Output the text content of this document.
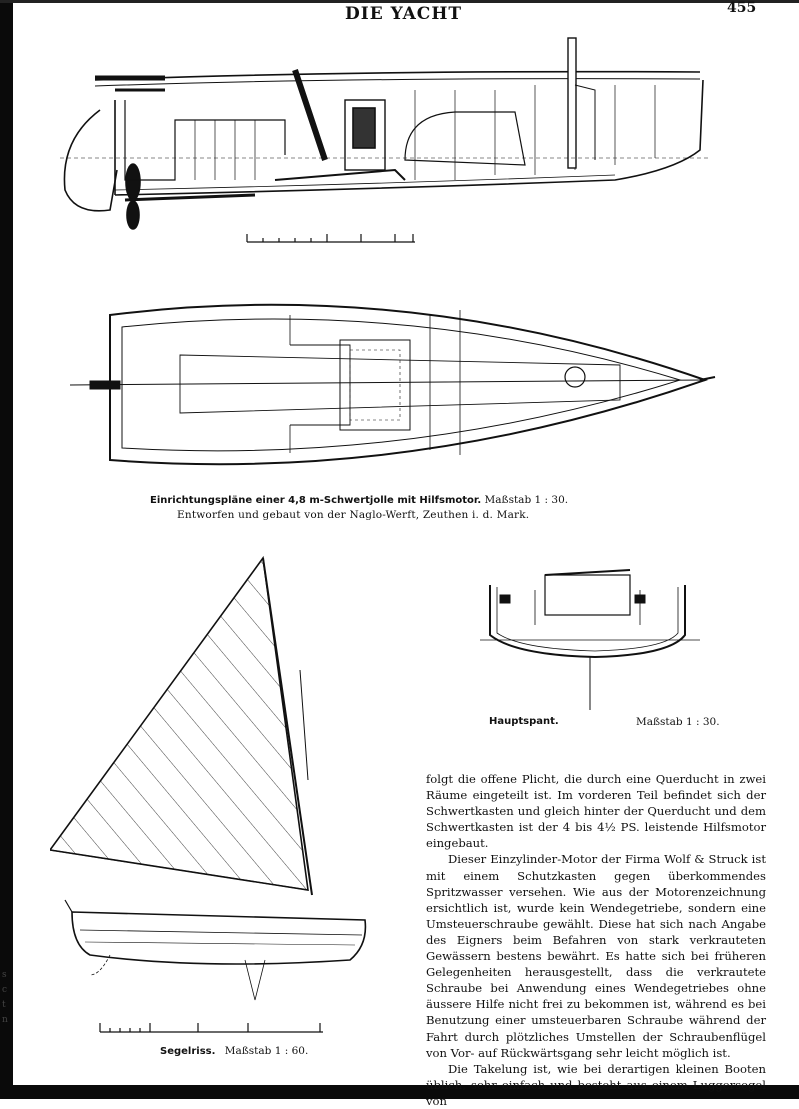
DIE YACHT	455
Einrichtungspläne einer 4,8 m-Schwertjolle mit Hilfsmotor. Maßstab 1 : 30.
Entworfen und gebaut von der Naglo-Werft, Zeuthen i. d. Mark.
Hauptspant.	Maßstab 1 : 30.
Segelriss. Maßstab 1 : 60.

folgt die offene Plicht, die durch eine Querducht in zwei Räume eingeteilt ist. Im vorderen Teil befindet sich der Schwertkasten und gleich hinter der Querducht und dem Schwertkasten ist der 4 bis 4½ PS. leistende Hilfsmotor eingebaut.

Dieser Einzylinder-Motor der Firma Wolf & Struck ist mit einem Schutzkasten gegen überkommendes Spritzwasser versehen. Wie aus der Motorenzeichnung ersichtlich ist, wurde kein Wendegetriebe, sondern eine Umsteuerschraube gewählt. Diese hat sich nach Angabe des Eigners beim Befahren von stark verkrauteten Gewässern bestens bewährt. Es hatte sich bei früheren Gelegenheiten herausgestellt, dass die verkrautete Schraube bei Anwendung eines Wendegetriebes ohne äussere Hilfe nicht frei zu bekommen ist, während es bei Benutzung einer umsteuerbaren Schraube während der Fahrt durch plötzliches Umstellen der Schraubenflügel von Vor- auf Rückwärtsgang sehr leicht möglich ist.

Die Takelung ist, wie bei derartigen kleinen Booten üblich, sehr einfach und besteht aus einem Luggersegel von

s
c
t
n
